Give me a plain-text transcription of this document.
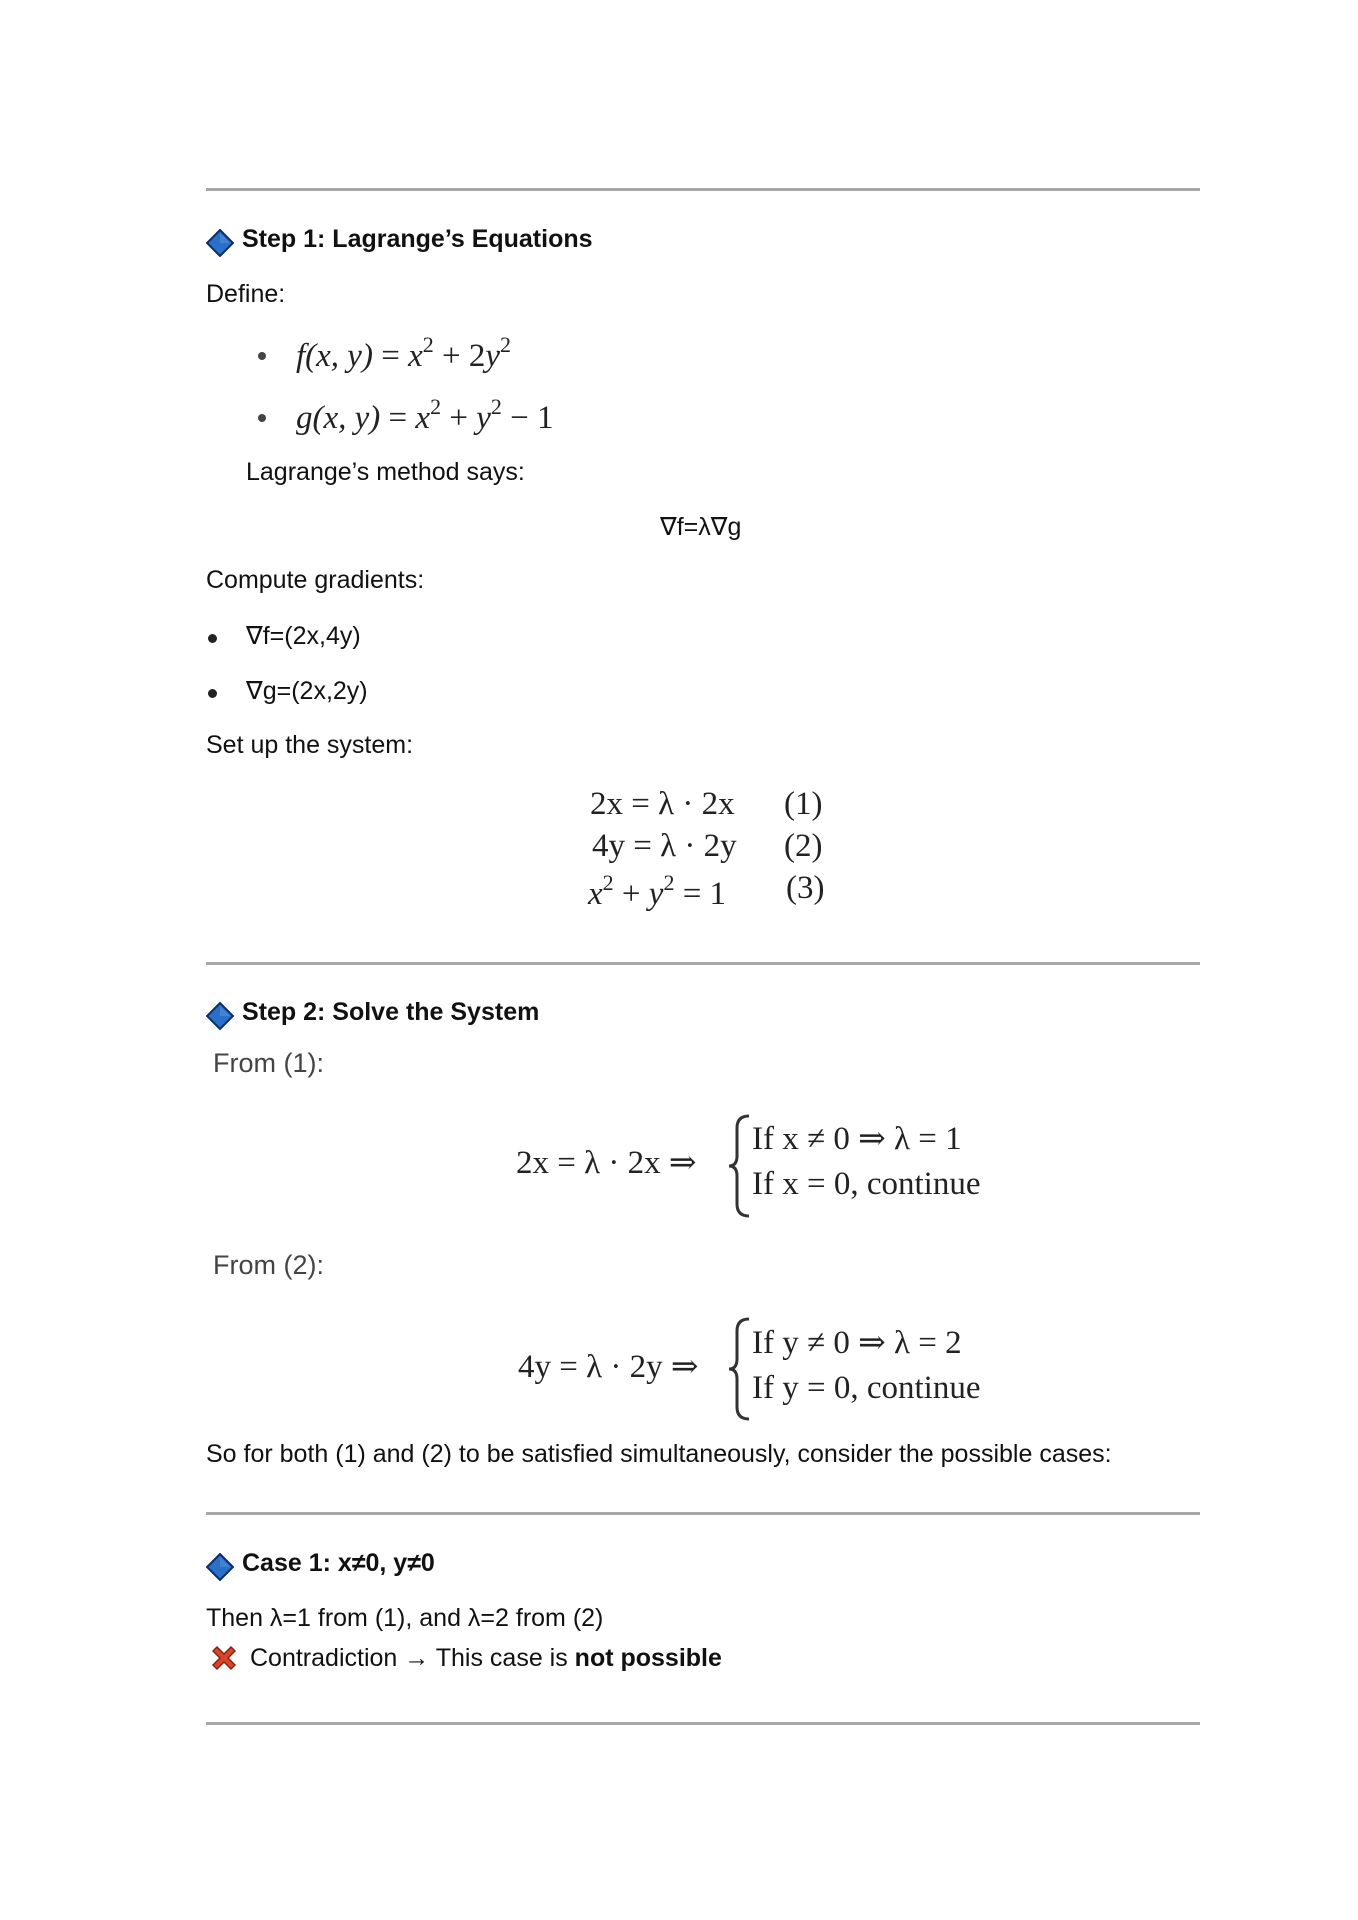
Step 1: Lagrange’s Equations
Define:
f(x, $y) = x^2 + 2y^2$
g(x, $y) = x^2 + y^2 - 1$
Lagrange’s method says:
∇f=λ∇g
Compute gradients:
∇f=(2x,4y)
∇g=(2x,2y)
Set up the system:
2x = λ · 2x (1)
4y = λ · 2y (2)
$x^2 + y^2 = 1$ (3)
Step 2: Solve the System
From (1):
2x = λ · 2x ⇒
If x ≠ 0 ⇒ λ = 1
If x = 0, continue
From (2):
4y = λ · 2y ⇒
If y ≠ 0 ⇒ λ = 2
If y = 0, continue
So for both (1) and (2) to be satisfied simultaneously, consider the possible cases:
Case 1: x≠0, y≠0
Then λ=1 from (1), and λ=2 from (2)
Contradiction → This case is not possible
